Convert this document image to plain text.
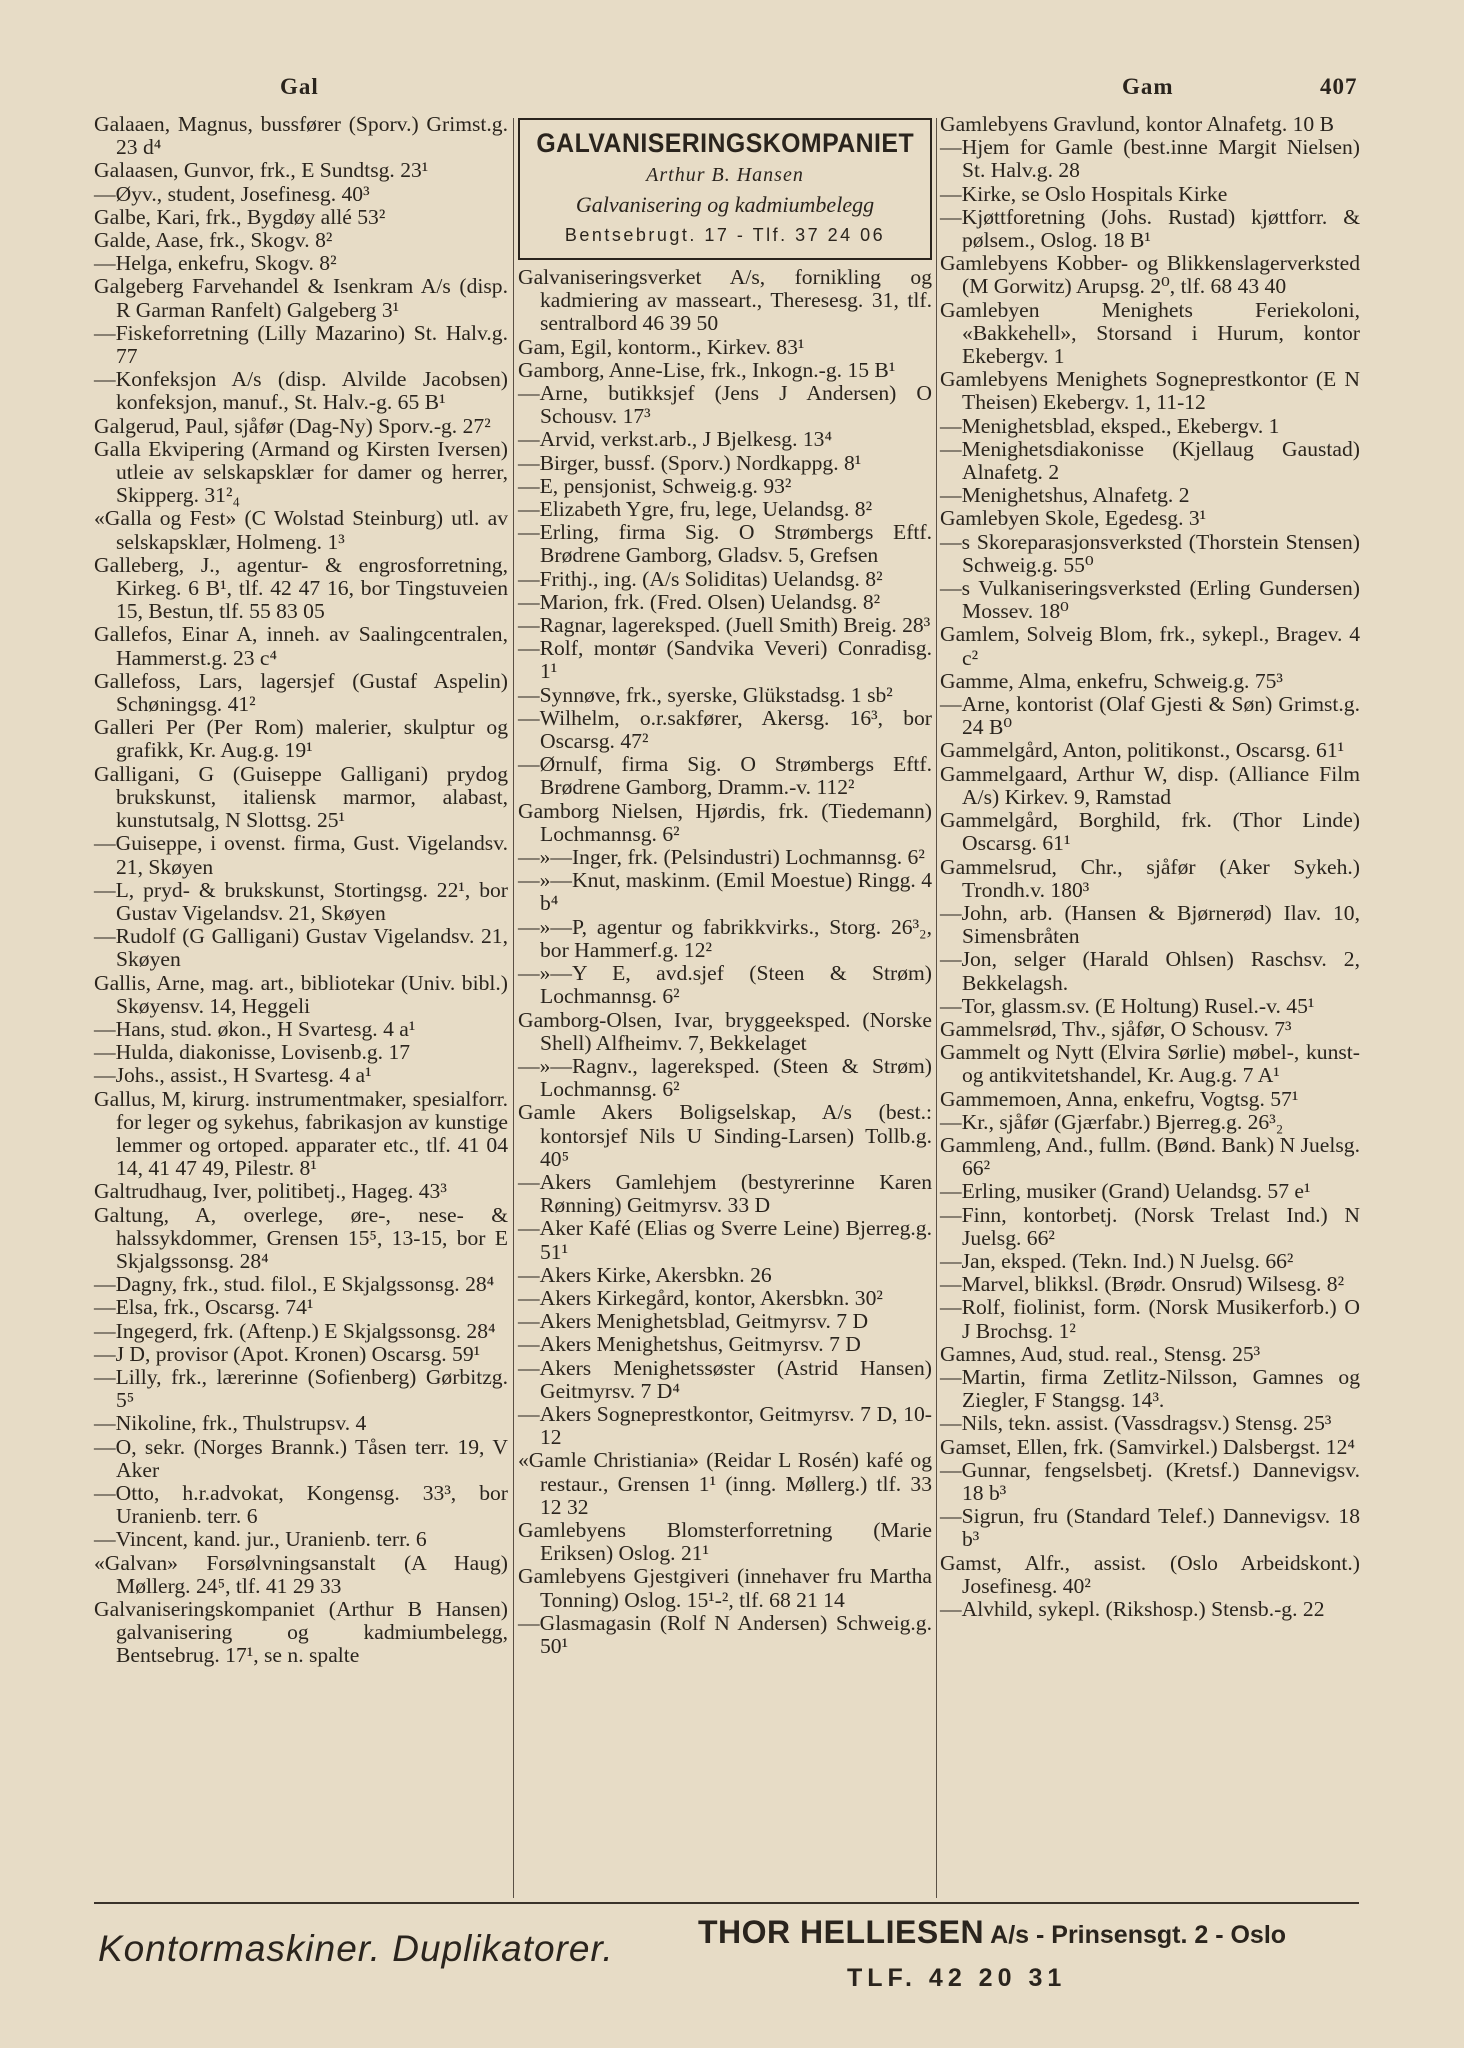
Gal	Gam	407
Galaaen, Magnus, bussfører (Sporv.) Grimst.g. 23 d⁴
Galaasen, Gunvor, frk., E Sundtsg. 23¹
—Øyv., student, Josefinesg. 40³
Galbe, Kari, frk., Bygdøy allé 53²
Galde, Aase, frk., Skogv. 8²
—Helga, enkefru, Skogv. 8²
Galgeberg Farvehandel & Isenkram A/s (disp. R Garman Ranfelt) Galgeberg 3¹
—Fiskeforretning (Lilly Mazarino) St. Halv.g. 77
—Konfeksjon A/s (disp. Alvilde Jacobsen) konfeksjon, manuf., St. Halv.-g. 65 B¹
Galgerud, Paul, sjåfør (Dag-Ny) Sporv.-g. 27²
Galla Ekvipering (Armand og Kirsten Iversen) utleie av selskapsklær for damer og herrer, Skipperg. 31²₄
«Galla og Fest» (C Wolstad Steinburg) utl. av selskapsklær, Holmeng. 1³
Galleberg, J., agentur- & engrosforretning, Kirkeg. 6 B¹, tlf. 42 47 16, bor Tingstuveien 15, Bestun, tlf. 55 83 05
Gallefos, Einar A, inneh. av Saalingcentralen, Hammerst.g. 23 c⁴
Gallefoss, Lars, lagersjef (Gustaf Aspelin) Schøningsg. 41²
Galleri Per (Per Rom) malerier, skulptur og grafikk, Kr. Aug.g. 19¹
Galligani, G (Guiseppe Galligani) prydog brukskunst, italiensk marmor, alabast, kunstutsalg, N Slottsg. 25¹
—Guiseppe, i ovenst. firma, Gust. Vigelandsv. 21, Skøyen
—L, pryd- & brukskunst, Stortingsg. 22¹, bor Gustav Vigelandsv. 21, Skøyen
—Rudolf (G Galligani) Gustav Vigelandsv. 21, Skøyen
Gallis, Arne, mag. art., bibliotekar (Univ. bibl.) Skøyensv. 14, Heggeli
—Hans, stud. økon., H Svartesg. 4 a¹
—Hulda, diakonisse, Lovisenb.g. 17
—Johs., assist., H Svartesg. 4 a¹
Gallus, M, kirurg. instrumentmaker, spesialforr. for leger og sykehus, fabrikasjon av kunstige lemmer og ortoped. apparater etc., tlf. 41 04 14, 41 47 49, Pilestr. 8¹
Galtrudhaug, Iver, politibetj., Hageg. 43³
Galtung, A, overlege, øre-, nese- & halssykdommer, Grensen 15⁵, 13-15, bor E Skjalgssonsg. 28⁴
—Dagny, frk., stud. filol., E Skjalgssonsg. 28⁴
—Elsa, frk., Oscarsg. 74¹
—Ingegerd, frk. (Aftenp.) E Skjalgssonsg. 28⁴
—J D, provisor (Apot. Kronen) Oscarsg. 59¹
—Lilly, frk., lærerinne (Sofienberg) Gørbitzg. 5⁵
—Nikoline, frk., Thulstrupsv. 4
—O, sekr. (Norges Brannk.) Tåsen terr. 19, V Aker
—Otto, h.r.advokat, Kongensg. 33³, bor Uranienb. terr. 6
—Vincent, kand. jur., Uranienb. terr. 6
«Galvan» Forsølvningsanstalt (A Haug) Møllerg. 24⁵, tlf. 41 29 33
Galvaniseringskompaniet (Arthur B Hansen) galvanisering og kadmiumbelegg, Bentsebrug. 17¹, se n. spalte
GALVANISERINGSKOMPANIET
Arthur B. Hansen
Galvanisering og kadmiumbelegg
Bentsebrugt. 17 - Tlf. 37 24 06
Galvaniseringsverket A/s, fornikling og kadmiering av masseart., Theresesg. 31, tlf. sentralbord 46 39 50
Gam, Egil, kontorm., Kirkev. 83¹
Gamborg, Anne-Lise, frk., Inkogn.-g. 15 B¹
—Arne, butikksjef (Jens J Andersen) O Schousv. 17³
—Arvid, verkst.arb., J Bjelkesg. 13⁴
—Birger, bussf. (Sporv.) Nordkappg. 8¹
—E, pensjonist, Schweig.g. 93²
—Elizabeth Ygre, fru, lege, Uelandsg. 8²
—Erling, firma Sig. O Strømbergs Eftf. Brødrene Gamborg, Gladsv. 5, Grefsen
—Frithj., ing. (A/s Soliditas) Uelandsg. 8²
—Marion, frk. (Fred. Olsen) Uelandsg. 8²
—Ragnar, lagereksped. (Juell Smith) Breig. 28³
—Rolf, montør (Sandvika Veveri) Conradisg. 1¹
—Synnøve, frk., syerske, Glükstadsg. 1 sb²
—Wilhelm, o.r.sakfører, Akersg. 16³, bor Oscarsg. 47²
—Ørnulf, firma Sig. O Strømbergs Eftf. Brødrene Gamborg, Dramm.-v. 112²
Gamborg Nielsen, Hjørdis, frk. (Tiedemann) Lochmannsg. 6²
—»—Inger, frk. (Pelsindustri) Lochmannsg. 6²
—»—Knut, maskinm. (Emil Moestue) Ringg. 4 b⁴
—»—P, agentur og fabrikkvirks., Storg. 26³₂, bor Hammerf.g. 12²
—»—Y E, avd.sjef (Steen & Strøm) Lochmannsg. 6²
Gamborg-Olsen, Ivar, bryggeeksped. (Norske Shell) Alfheimv. 7, Bekkelaget
—»—Ragnv., lagereksped. (Steen & Strøm) Lochmannsg. 6²
Gamle Akers Boligselskap, A/s (best.: kontorsjef Nils U Sinding-Larsen) Tollb.g. 40⁵
—Akers Gamlehjem (bestyrerinne Karen Rønning) Geitmyrsv. 33 D
—Aker Kafé (Elias og Sverre Leine) Bjerreg.g. 51¹
—Akers Kirke, Akersbkn. 26
—Akers Kirkegård, kontor, Akersbkn. 30²
—Akers Menighetsblad, Geitmyrsv. 7 D
—Akers Menighetshus, Geitmyrsv. 7 D
—Akers Menighetssøster (Astrid Hansen) Geitmyrsv. 7 D⁴
—Akers Sogneprestkontor, Geitmyrsv. 7 D, 10-12
«Gamle Christiania» (Reidar L Rosén) kafé og restaur., Grensen 1¹ (inng. Møllerg.) tlf. 33 12 32
Gamlebyens Blomsterforretning (Marie Eriksen) Oslog. 21¹
Gamlebyens Gjestgiveri (innehaver fru Martha Tonning) Oslog. 15¹-², tlf. 68 21 14
—Glasmagasin (Rolf N Andersen) Schweig.g. 50¹
Gamlebyens Gravlund, kontor Alnafetg. 10 B
—Hjem for Gamle (best.inne Margit Nielsen) St. Halv.g. 28
—Kirke, se Oslo Hospitals Kirke
—Kjøttforetning (Johs. Rustad) kjøttforr. & pølsem., Oslog. 18 B¹
Gamlebyens Kobber- og Blikkenslagerverksted (M Gorwitz) Arupsg. 2⁰, tlf. 68 43 40
Gamlebyen Menighets Feriekoloni, «Bakkehell», Storsand i Hurum, kontor Ekebergv. 1
Gamlebyens Menighets Sogneprestkontor (E N Theisen) Ekebergv. 1, 11-12
—Menighetsblad, eksped., Ekebergv. 1
—Menighetsdiakonisse (Kjellaug Gaustad) Alnafetg. 2
—Menighetshus, Alnafetg. 2
Gamlebyen Skole, Egedesg. 3¹
—s Skoreparasjonsverksted (Thorstein Stensen) Schweig.g. 55⁰
—s Vulkaniseringsverksted (Erling Gundersen) Mossev. 18⁰
Gamlem, Solveig Blom, frk., sykepl., Bragev. 4 c²
Gamme, Alma, enkefru, Schweig.g. 75³
—Arne, kontorist (Olaf Gjesti & Søn) Grimst.g. 24 B⁰
Gammelgård, Anton, politikonst., Oscarsg. 61¹
Gammelgaard, Arthur W, disp. (Alliance Film A/s) Kirkev. 9, Ramstad
Gammelgård, Borghild, frk. (Thor Linde) Oscarsg. 61¹
Gammelsrud, Chr., sjåfør (Aker Sykeh.) Trondh.v. 180³
—John, arb. (Hansen & Bjørnerød) Ilav. 10, Simensbråten
—Jon, selger (Harald Ohlsen) Raschsv. 2, Bekkelagsh.
—Tor, glassm.sv. (E Holtung) Rusel.-v. 45¹
Gammelsrød, Thv., sjåfør, O Schousv. 7³
Gammelt og Nytt (Elvira Sørlie) møbel-, kunst- og antikvitetshandel, Kr. Aug.g. 7 A¹
Gammemoen, Anna, enkefru, Vogtsg. 57¹
—Kr., sjåfør (Gjærfabr.) Bjerreg.g. 26³₂
Gammleng, And., fullm. (Bønd. Bank) N Juelsg. 66²
—Erling, musiker (Grand) Uelandsg. 57 e¹
—Finn, kontorbetj. (Norsk Trelast Ind.) N Juelsg. 66²
—Jan, eksped. (Tekn. Ind.) N Juelsg. 66²
—Marvel, blikksl. (Brødr. Onsrud) Wilsesg. 8²
—Rolf, fiolinist, form. (Norsk Musikerforb.) O J Brochsg. 1²
Gamnes, Aud, stud. real., Stensg. 25³
—Martin, firma Zetlitz-Nilsson, Gamnes og Ziegler, F Stangsg. 14³.
—Nils, tekn. assist. (Vassdragsv.) Stensg. 25³
Gamset, Ellen, frk. (Samvirkel.) Dalsbergst. 12⁴
—Gunnar, fengselsbetj. (Kretsf.) Dannevigsv. 18 b³
—Sigrun, fru (Standard Telef.) Dannevigsv. 18 b³
Gamst, Alfr., assist. (Oslo Arbeidskont.) Josefinesg. 40²
—Alvhild, sykepl. (Rikshosp.) Stensb.-g. 22
Kontormaskiner. Duplikatorer.	THOR HELLIESEN A/s - Prinsensgt. 2 - Oslo
TLF. 42 20 31
